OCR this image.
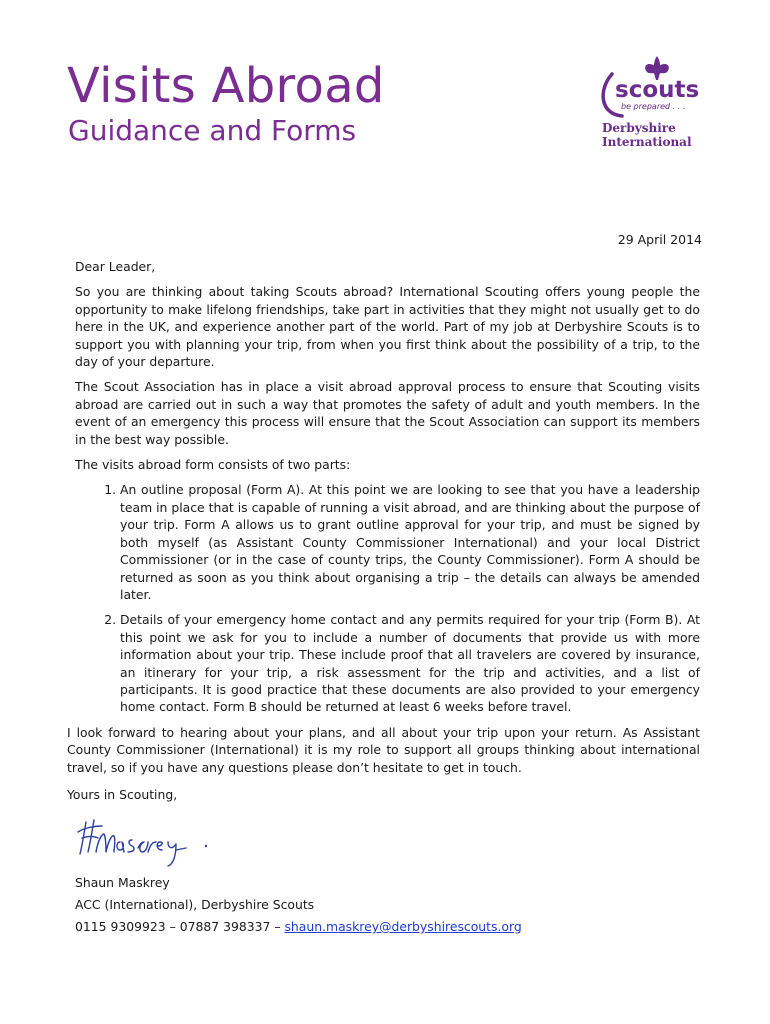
Visits Abroad
Guidance and Forms
scouts
be prepared . . .
Derbyshire
International
29 April 2014

Dear Leader,

So you are thinking about taking Scouts abroad? International Scouting offers young people the opportunity to make lifelong friendships, take part in activities that they might not usually get to do here in the UK, and experience another part of the world. Part of my job at Derbyshire Scouts is to support you with planning your trip, from when you first think about the possibility of a trip, to the day of your departure.

The Scout Association has in place a visit abroad approval process to ensure that Scouting visits abroad are carried out in such a way that promotes the safety of adult and youth members. In the event of an emergency this process will ensure that the Scout Association can support its members in the best way possible.

The visits abroad form consists of two parts:

1. An outline proposal (Form A). At this point we are looking to see that you have a leadership team in place that is capable of running a visit abroad, and are thinking about the purpose of your trip. Form A allows us to grant outline approval for your trip, and must be signed by both myself (as Assistant County Commissioner International) and your local District Commissioner (or in the case of county trips, the County Commissioner). Form A should be returned as soon as you think about organising a trip – the details can always be amended later.
2. Details of your emergency home contact and any permits required for your trip (Form B). At this point we ask for you to include a number of documents that provide us with more information about your trip. These include proof that all travelers are covered by insurance, an itinerary for your trip, a risk assessment for the trip and activities, and a list of participants. It is good practice that these documents are also provided to your emergency home contact. Form B should be returned at least 6 weeks before travel.

I look forward to hearing about your plans, and all about your trip upon your return. As Assistant County Commissioner (International) it is my role to support all groups thinking about international travel, so if you have any questions please don’t hesitate to get in touch.

Yours in Scouting,

Shaun Maskrey
ACC (International), Derbyshire Scouts
0115 9309923 – 07887 398337 – shaun.maskrey@derbyshirescouts.org
